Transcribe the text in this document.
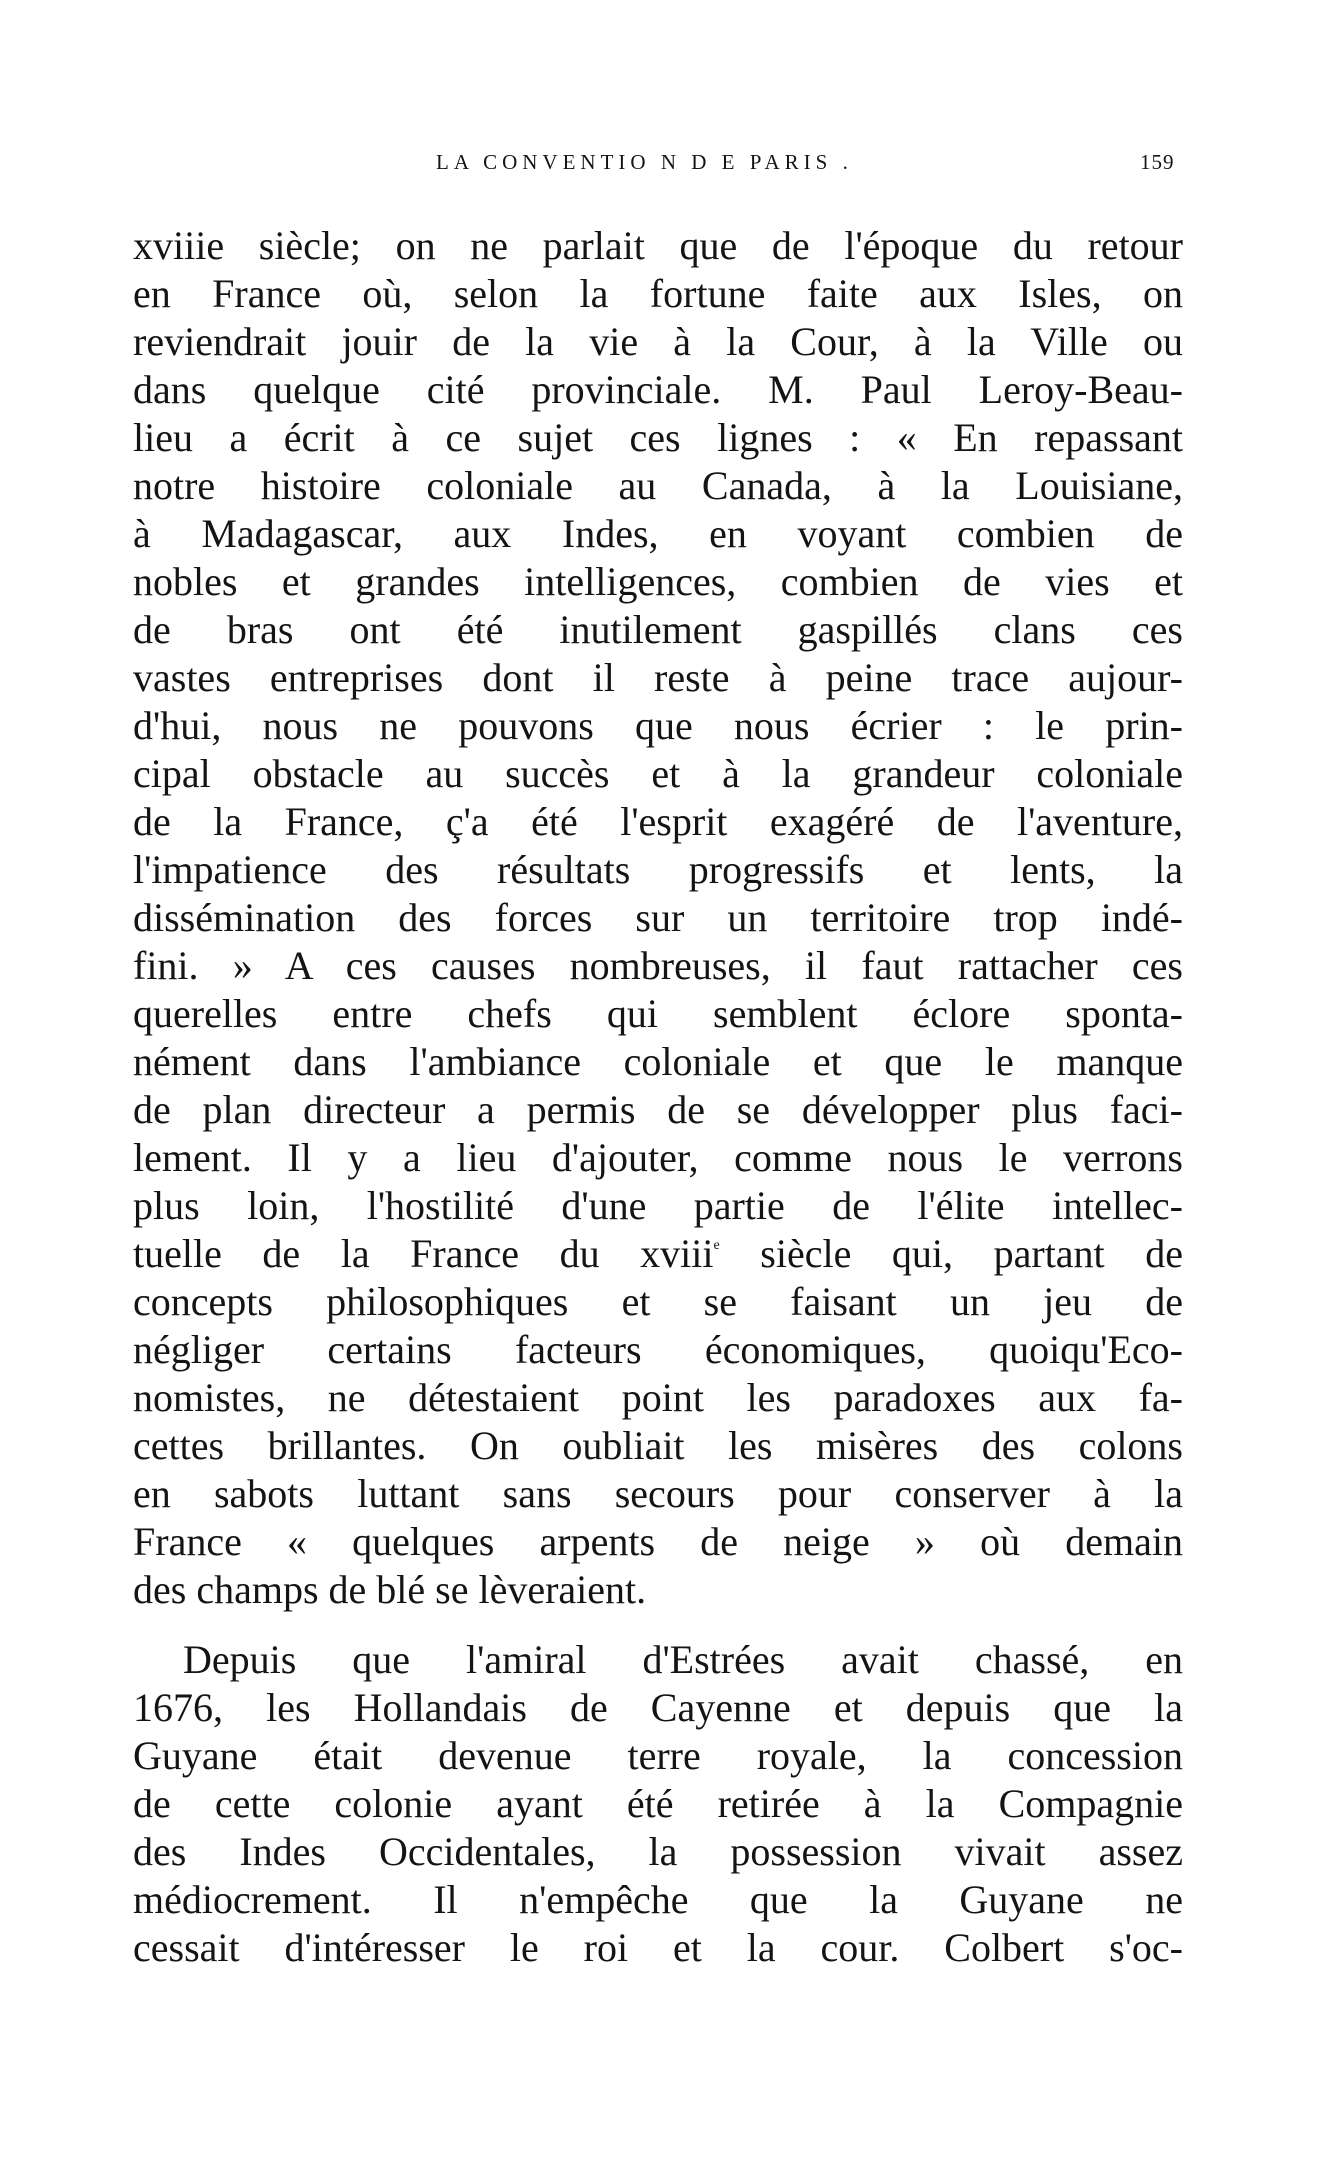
LA CONVENTIO N D E PARIS .	159
xviiie siècle; on ne parlait que de l'époque du retour
en France où, selon la fortune faite aux Isles, on
reviendrait jouir de la vie à la Cour, à la Ville ou
dans quelque cité provinciale. M. Paul Leroy-Beau-
lieu a écrit à ce sujet ces lignes : « En repassant
notre histoire coloniale au Canada, à la Louisiane,
à Madagascar, aux Indes, en voyant combien de
nobles et grandes intelligences, combien de vies et
de bras ont été inutilement gaspillés clans ces
vastes entreprises dont il reste à peine trace aujour-
d'hui, nous ne pouvons que nous écrier : le prin-
cipal obstacle au succès et à la grandeur coloniale
de la France, ç'a été l'esprit exagéré de l'aventure,
l'impatience des résultats progressifs et lents, la
dissémination des forces sur un territoire trop indé-
fini. » A ces causes nombreuses, il faut rattacher ces
querelles entre chefs qui semblent éclore sponta-
nément dans l'ambiance coloniale et que le manque
de plan directeur a permis de se développer plus faci-
lement. Il y a lieu d'ajouter, comme nous le verrons
plus loin, l'hostilité d'une partie de l'élite intellec-
tuelle de la France du xviii$^e$ siècle qui, partant de
concepts philosophiques et se faisant un jeu de
négliger certains facteurs économiques, quoiqu'Eco-
nomistes, ne détestaient point les paradoxes aux fa-
cettes brillantes. On oubliait les misères des colons
en sabots luttant sans secours pour conserver à la
France « quelques arpents de neige » où demain
des champs de blé se lèveraient.
Depuis que l'amiral d'Estrées avait chassé, en
1676, les Hollandais de Cayenne et depuis que la
Guyane était devenue terre royale, la concession
de cette colonie ayant été retirée à la Compagnie
des Indes Occidentales, la possession vivait assez
médiocrement. Il n'empêche que la Guyane ne
cessait d'intéresser le roi et la cour. Colbert s'oc-
